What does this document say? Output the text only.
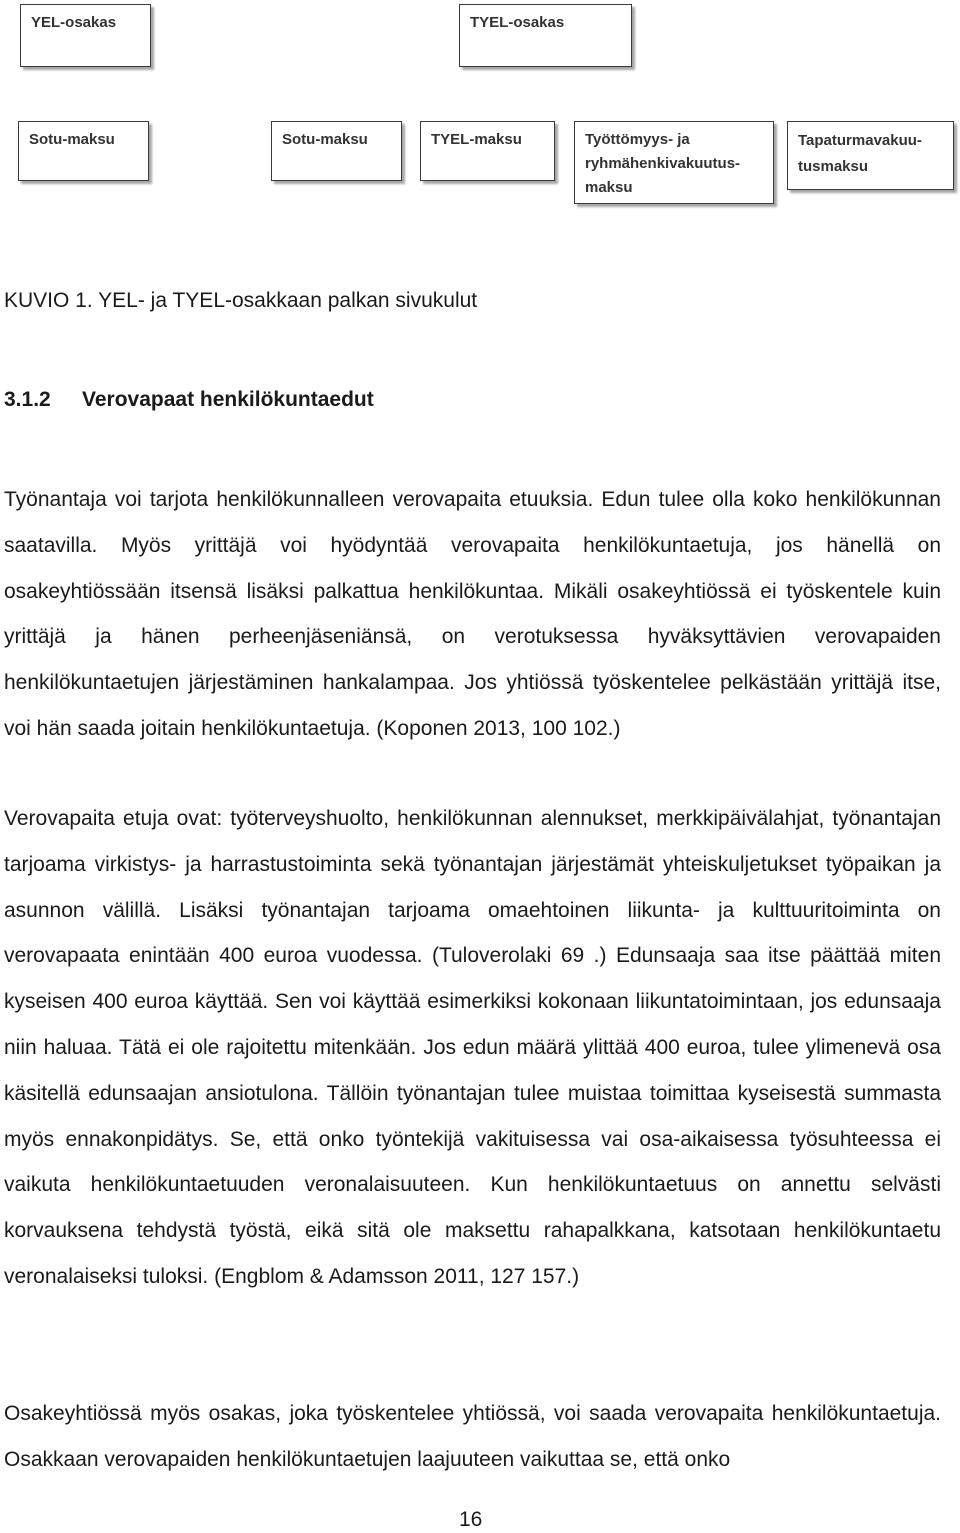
YEL-osakas	TYEL-osakas
Sotu-maksu	Sotu-maksu	TYEL-maksu	Työttömyys- ja
ryhmähenkivakuutus-
maksu
Tapaturmavakuu-
tusmaksu
KUVIO 1. YEL- ja TYEL-osakkaan palkan sivukulut
3.1.2 Verovapaat henkilökuntaedut

Työnantaja voi tarjota henkilökunnalleen verovapaita etuuksia. Edun tulee olla koko henkilökunnan saatavilla. Myös yrittäjä voi hyödyntää verovapaita henkilökuntaetuja, jos hänellä on osakeyhtiössään itsensä lisäksi palkattua henkilökuntaa. Mikäli osakeyhtiössä ei työskentele kuin yrittäjä ja hänen perheenjäseniänsä, on verotuksessa hyväksyttävien verovapaiden henkilökuntaetujen järjestäminen hankalampaa. Jos yhtiössä työskentelee pelkästään yrittäjä itse, voi hän saada joitain henkilökuntaetuja. (Koponen 2013, 100 102.)

Verovapaita etuja ovat: työterveyshuolto, henkilökunnan alennukset, merkkipäivälahjat, työnantajan tarjoama virkistys- ja harrastustoiminta sekä työnantajan järjestämät yhteiskuljetukset työpaikan ja asunnon välillä. Lisäksi työnantajan tarjoama omaehtoinen liikunta- ja kulttuuritoiminta on verovapaata enintään 400 euroa vuodessa. (Tuloverolaki 69 .) Edunsaaja saa itse päättää miten kyseisen 400 euroa käyttää. Sen voi käyttää esimerkiksi kokonaan liikuntatoimintaan, jos edunsaaja niin haluaa. Tätä ei ole rajoitettu mitenkään. Jos edun määrä ylittää 400 euroa, tulee ylimenevä osa käsitellä edunsaajan ansiotulona. Tällöin työnantajan tulee muistaa toimittaa kyseisestä summasta myös ennakonpidätys. Se, että onko työntekijä vakituisessa vai osa-aikaisessa työsuhteessa ei vaikuta henkilökuntaetuuden veronalaisuuteen. Kun henkilökuntaetuus on annettu selvästi korvauksena tehdystä työstä, eikä sitä ole maksettu rahapalkkana, katsotaan henkilökuntaetu veronalaiseksi tuloksi. (Engblom & Adamsson 2011, 127 157.)

Osakeyhtiössä myös osakas, joka työskentelee yhtiössä, voi saada verovapaita henkilökuntaetuja. Osakkaan verovapaiden henkilökuntaetujen laajuuteen vaikuttaa se, että onko

16
